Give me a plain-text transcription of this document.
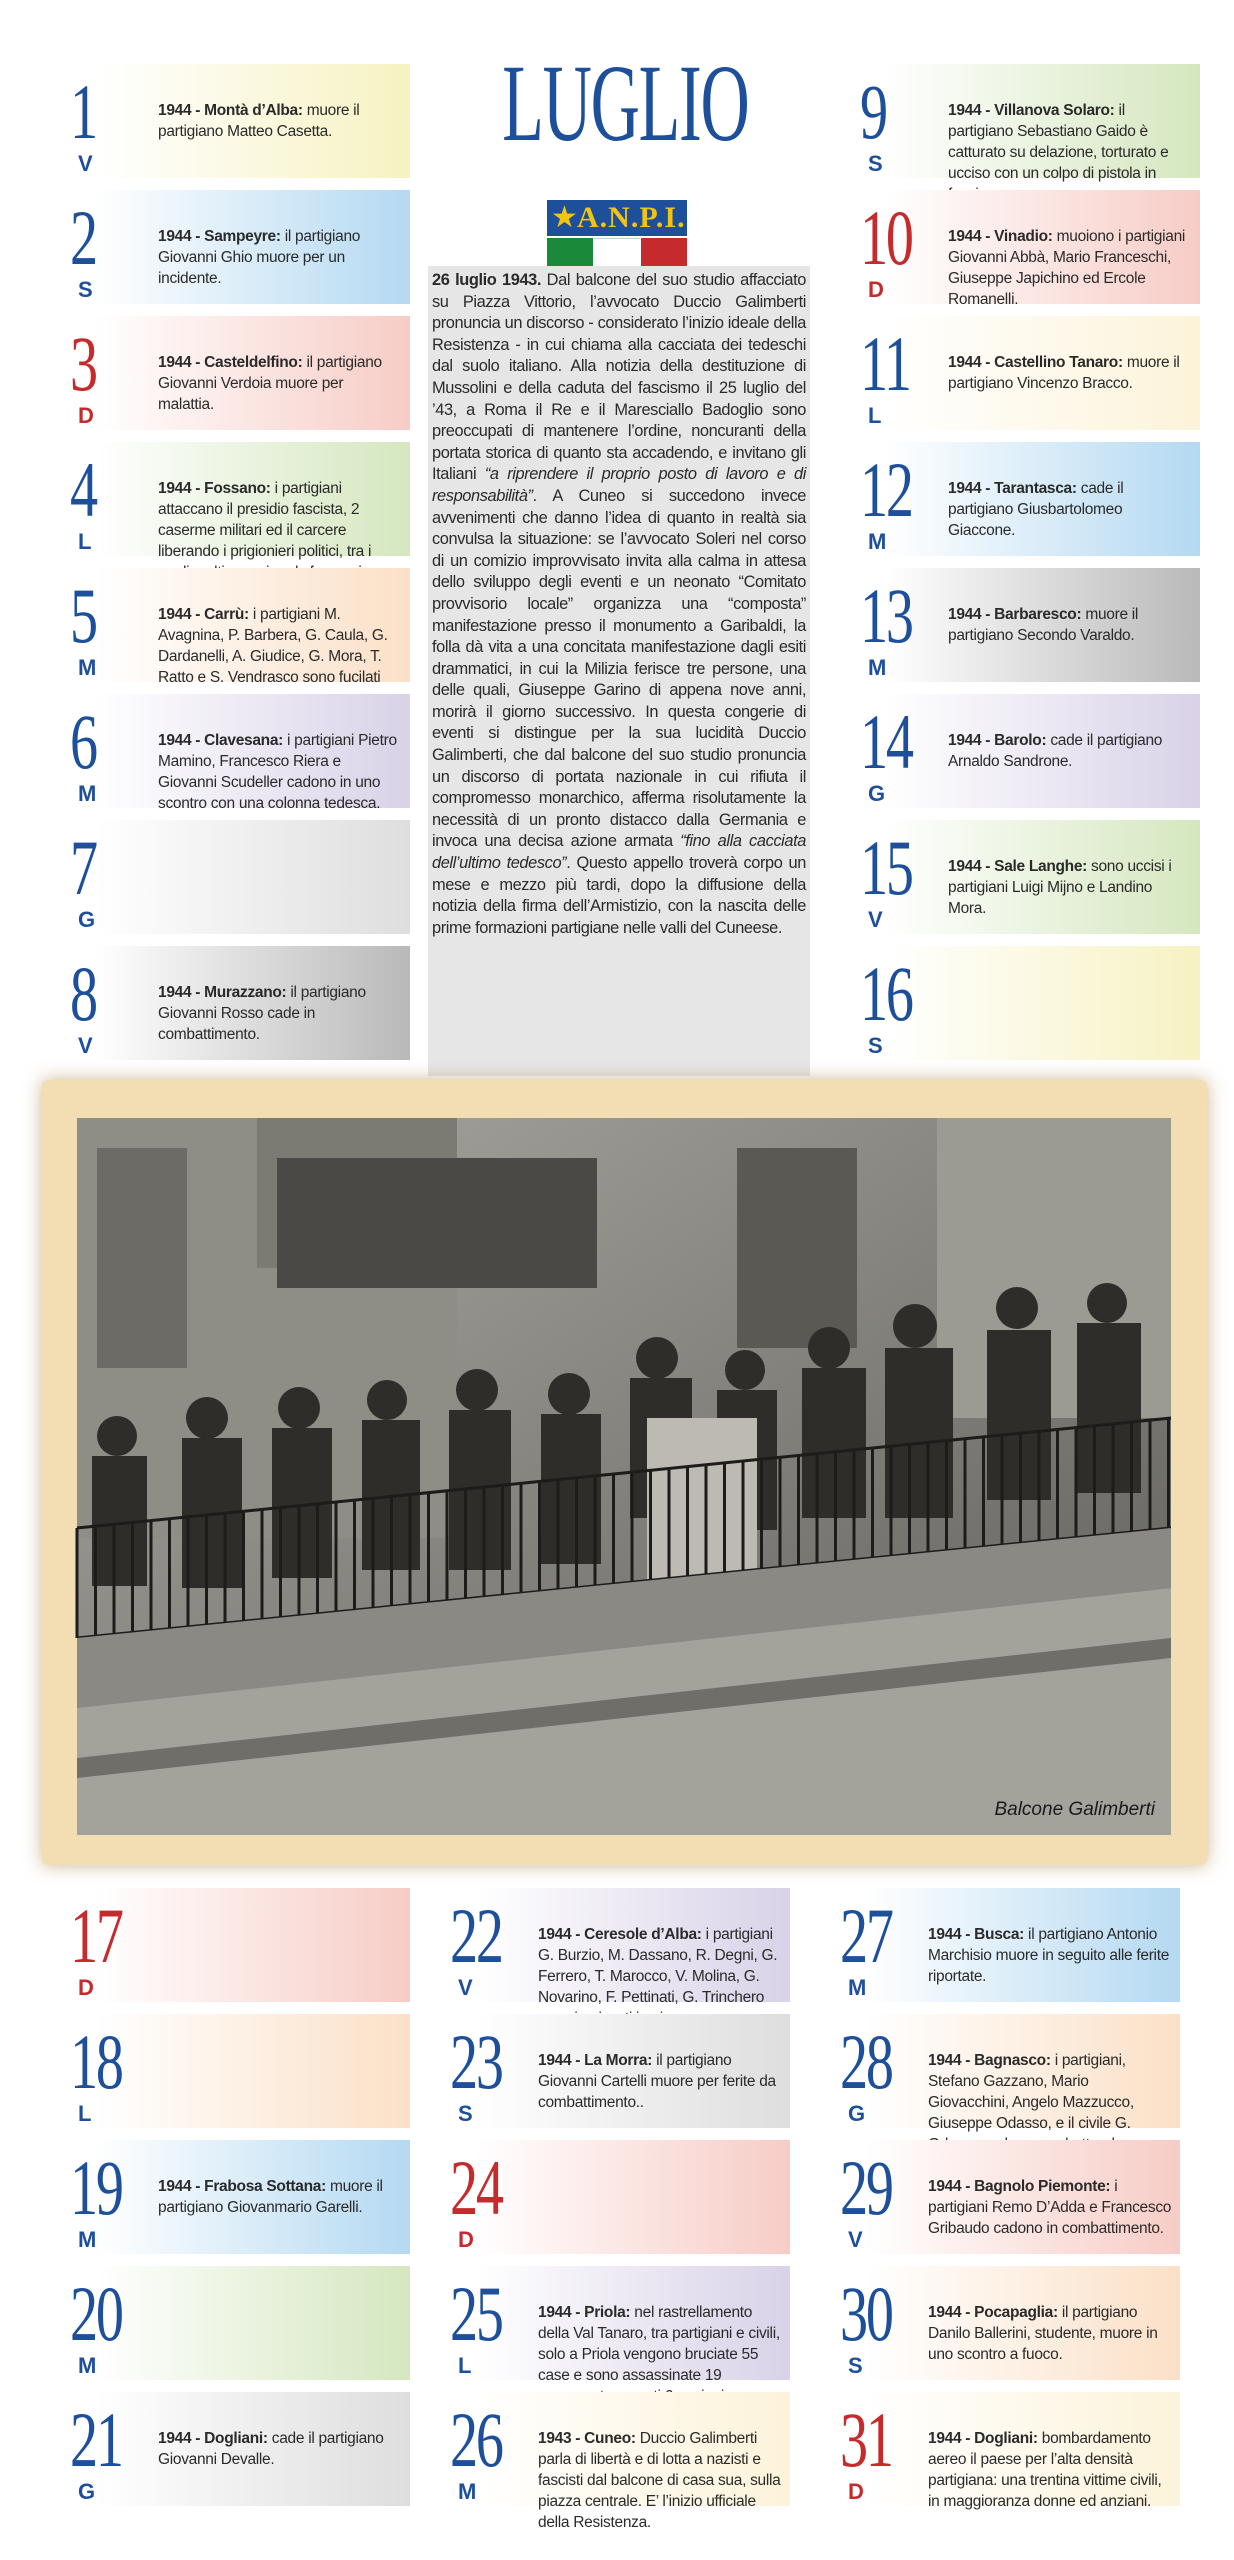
LUGLIO
★ A.N.P.I.
26 luglio 1943. Dal balcone del suo studio affacciato su Piazza Vittorio, l’avvocato Duccio Galimberti pronuncia un discorso - considerato l’inizio ideale della Resistenza - in cui chiama alla cacciata dei tedeschi dal suolo italiano. Alla notizia della destituzione di Mussolini e della caduta del fascismo il 25 luglio del ’43, a Roma il Re e il Maresciallo Badoglio sono preoccupati di mantenere l’ordine, noncuranti della portata storica di quanto sta accadendo, e invitano gli Italiani “a riprendere il proprio posto di lavoro e di responsabilità”. A Cuneo si succedono invece avvenimenti che danno l’idea di quanto in realtà sia convulsa la situazione: se l’avvocato Soleri nel corso di un comizio improvvisato invita alla calma in attesa dello sviluppo degli eventi e un neonato “Comitato provvisorio locale” organizza una “composta” manifestazione presso il monumento a Garibaldi, la folla dà vita a una concitata manifestazione dagli esiti drammatici, in cui la Milizia ferisce tre persone, una delle quali, Giuseppe Garino di appena nove anni, morirà il giorno successivo. In questa congerie di eventi si distingue per la sua lucidità Duccio Galimberti, che dal balcone del suo studio pronuncia un discorso di portata nazionale in cui rifiuta il compromesso monarchico, afferma risolutamente la necessità di un pronto distacco dalla Germania e invoca una decisa azione armata “fino alla cacciata dell’ultimo tedesco”. Questo appello troverà corpo un mese e mezzo più tardi, dopo la diffusione della notizia della firma dell’Armistizio, con la nascita delle prime formazioni partigiane nelle valli del Cuneese.
1
V
1944 - Montà d’Alba: muore il partigiano Matteo Casetta.
2
S
1944 - Sampeyre: il partigiano Giovanni Ghio muore per un incidente.
3
D
1944 - Casteldelfino: il partigiano Giovanni Verdoia muore per malattia.
4
L
1944 - Fossano: i partigiani attaccano il presidio fascista, 2 caserme militari ed il carcere liberando i prigionieri politici, tra i
5
M
1944 - Carrù: i partigiani M. Avagnina, P. Barbera, G. Caula, G. Dardanelli, A. Giudice, G. Mora, T. Ratto e S. Vendrasco sono fucilati
6
M
1944 - Clavesana: i partigiani Pietro Mamino, Francesco Riera e Giovanni Scudeller cadono in uno scontro con una colonna tedesca.
7
G
8
V
1944 - Murazzano: il partigiano Giovanni Rosso cade in combattimento.
9
S
1944 - Villanova Solaro: il partigiano Sebastiano Gaido è catturato su delazione, torturato e ucciso con un colpo di pistola in
10
D
1944 - Vinadio: muoiono i partigiani Giovanni Abbà, Mario Franceschi, Giuseppe Japichino ed Ercole Romanelli.
11
L
1944 - Castellino Tanaro: muore il partigiano Vincenzo Bracco.
12
M
1944 - Tarantasca: cade il partigiano Giusbartolomeo Giaccone.
13
M
1944 - Barbaresco: muore il partigiano Secondo Varaldo.
14
G
1944 - Barolo: cade il partigiano Arnaldo Sandrone.
15
V
1944 - Sale Langhe: sono uccisi i partigiani Luigi Mijno e Landino Mora.
16
S
17
D
18
L
19
M
1944 - Frabosa Sottana: muore il partigiano Giovanmario Garelli.
20
M
21
G
1944 - Dogliani: cade il partigiano Giovanni Devalle.
22
V
1944 - Ceresole d’Alba: i partigiani G. Burzio, M. Dassano, R. Degni, G. Ferrero, T. Marocco, V. Molina, G. Novarino, F. Pettinati, G. Trinchero
23
S
1944 - La Morra: il partigiano Giovanni Cartelli muore per ferite da combattimento..
24
D
25
L
1944 - Priola: nel rastrellamento della Val Tanaro, tra partigiani e civili, solo a Priola vengono bruciate 55 case e sono assassinate 19
26
M
1943 - Cuneo: Duccio Galimberti parla di libertà e di lotta a nazisti e fascisti dal balcone di casa sua, sulla piazza centrale. E’ l’inizio ufficiale della Resistenza.
27
M
1944 - Busca: il partigiano Antonio Marchisio muore in seguito alle ferite riportate.
28
G
1944 - Bagnasco: i partigiani, Stefano Gazzano, Mario Giovacchini, Angelo Mazzucco, Giuseppe Odasso, e il civile G.
29
V
1944 - Bagnolo Piemonte: i partigiani Remo D’Adda e Francesco Gribaudo cadono in combattimento.
30
S
1944 - Pocapaglia: il partigiano Danilo Ballerini, studente, muore in uno scontro a fuoco.
31
D
1944 - Dogliani: bombardamento aereo il paese per l’alta densità partigiana: una trentina vittime civili, in maggioranza donne ed anziani.
Balcone Galimberti
